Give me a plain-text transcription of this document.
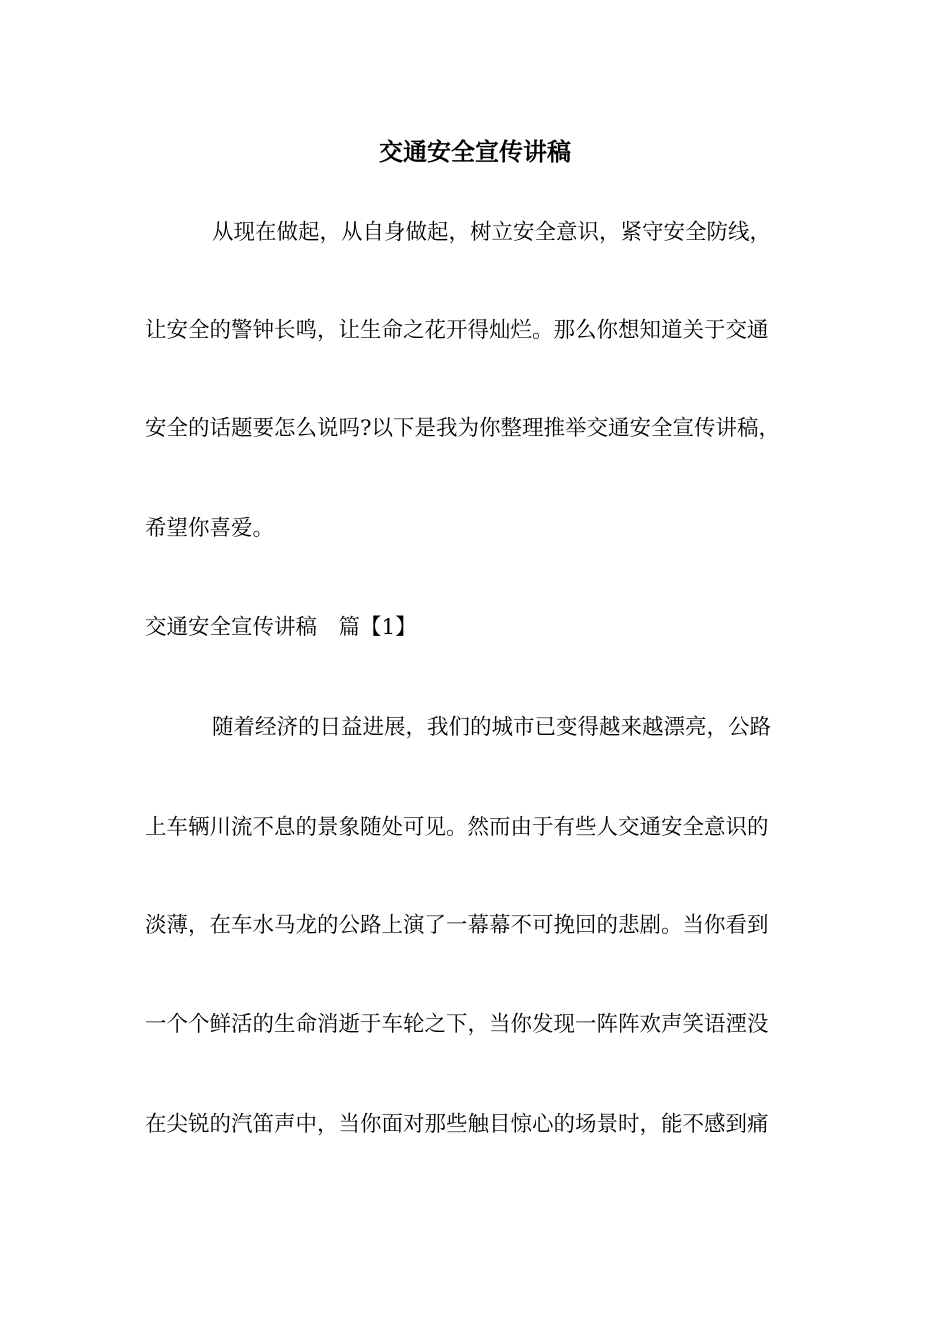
交通安全宣传讲稿

从现在做起，从自身做起，树立安全意识，紧守安全防线，

让安全的警钟长鸣，让生命之花开得灿烂。那么你想知道关于交通

安全的话题要怎么说吗?以下是我为你整理推举交通安全宣传讲稿，

希望你喜爱。

交通安全宣传讲稿　篇【1】

随着经济的日益进展，我们的城市已变得越来越漂亮，公路

上车辆川流不息的景象随处可见。然而由于有些人交通安全意识的

淡薄，在车水马龙的公路上演了一幕幕不可挽回的悲剧。当你看到

一个个鲜活的生命消逝于车轮之下，当你发现一阵阵欢声笑语湮没

在尖锐的汽笛声中，当你面对那些触目惊心的场景时，能不感到痛
